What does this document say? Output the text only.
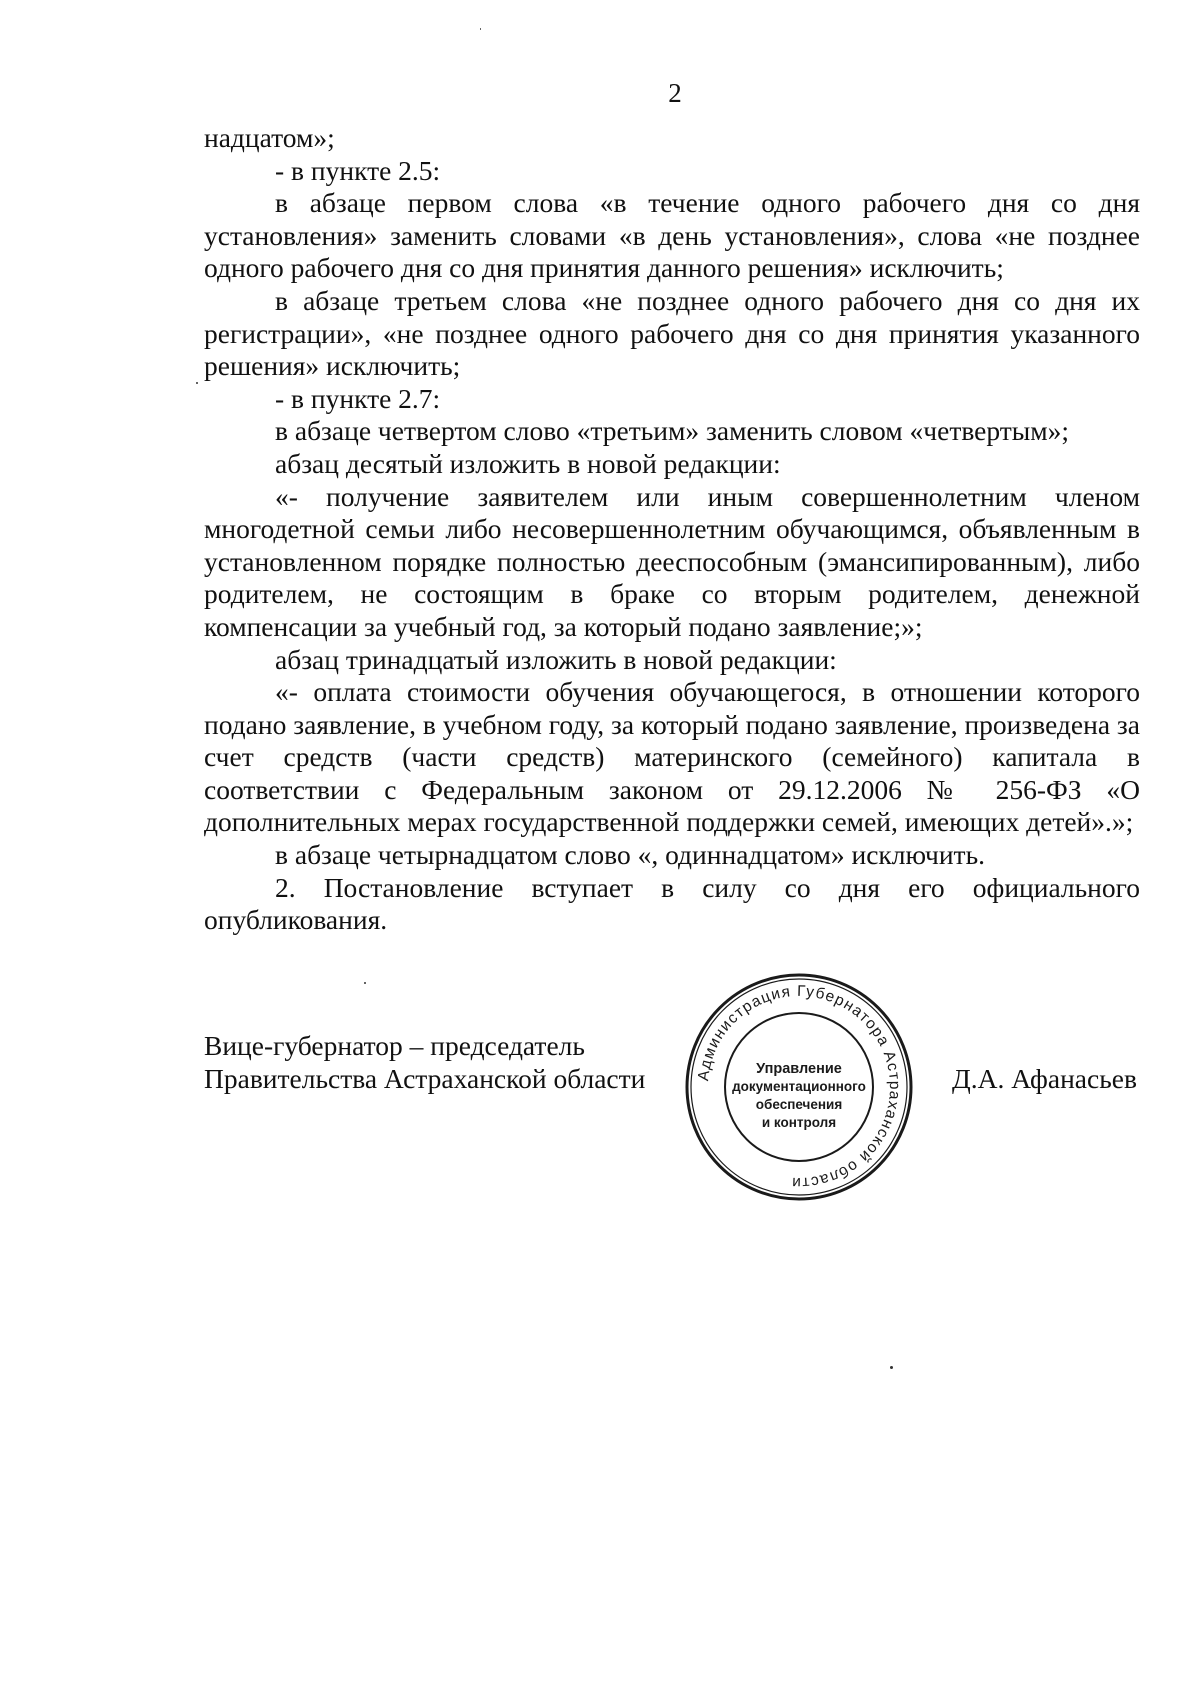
2

надцатом»;

- в пункте 2.5:

в абзаце первом слова «в течение одного рабочего дня со дня установления» заменить словами «в день установления», слова «не позднее одного рабочего дня со дня принятия данного решения» исключить;

в абзаце третьем слова «не позднее одного рабочего дня со дня их регистрации», «не позднее одного рабочего дня со дня принятия указанного решения» исключить;

- в пункте 2.7:

в абзаце четвертом слово «третьим» заменить словом «четвертым»;

абзац десятый изложить в новой редакции:

«- получение заявителем или иным совершеннолетним членом многодетной семьи либо несовершеннолетним обучающимся, объявленным в установленном порядке полностью дееспособным (эмансипированным), либо родителем, не состоящим в браке со вторым родителем, денежной компенсации за учебный год, за который подано заявление;»;

абзац тринадцатый изложить в новой редакции:

«- оплата стоимости обучения обучающегося, в отношении которого подано заявление, в учебном году, за который подано заявление, произведена за счет средств (части средств) материнского (семейного) капитала в соответствии с Федеральным законом от 29.12.2006 № 256-ФЗ «О дополнительных мерах государственной поддержки семей, имеющих детей».»;

в абзаце четырнадцатом слово «, одиннадцатом» исключить.

2. Постановление вступает в силу со дня его официального опубликования.

Вице-губернатор – председатель
Правительства Астраханской области	Д.А. Афанасьев
Администрация Губернатора Астраханской области
Управление
документационного
обеспечения
и контроля
